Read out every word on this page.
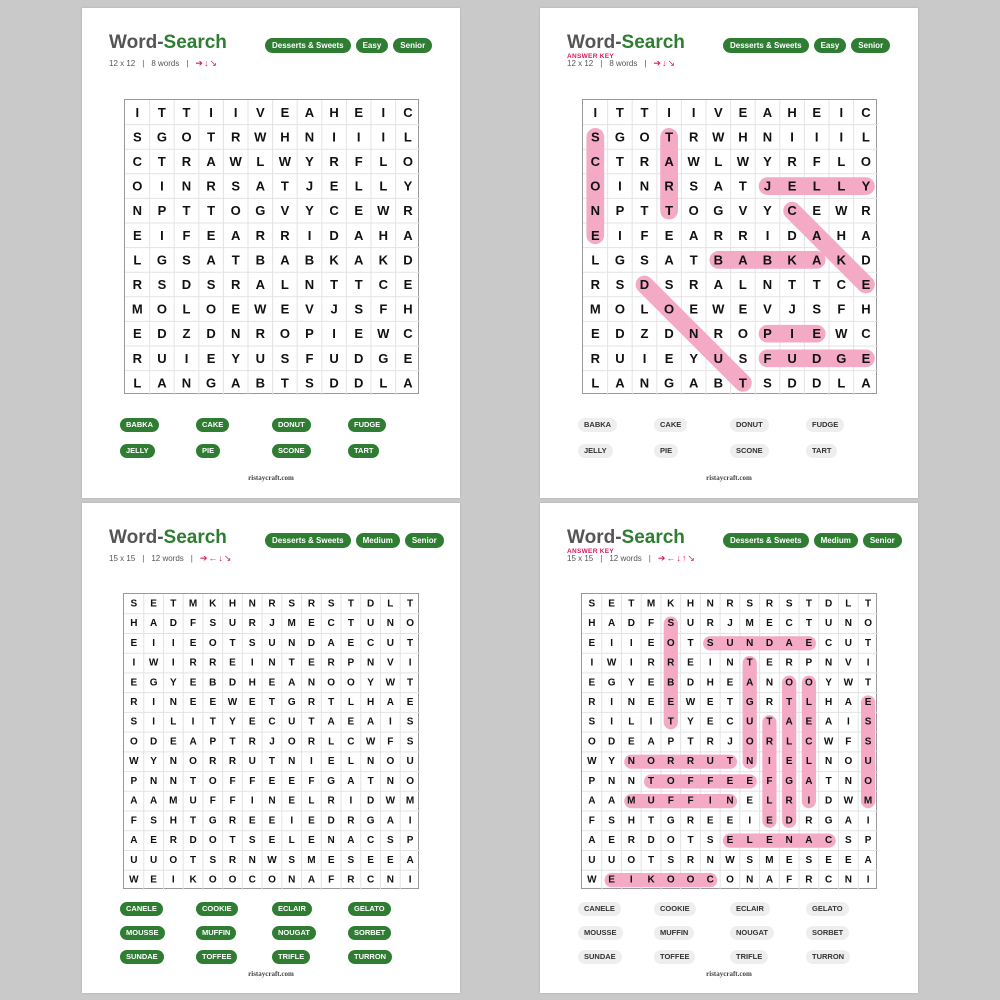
Word-Search	Desserts & Sweets	Easy	Senior
12 x 12 | 8 words | ➔↓↘
I T T I I V E A H E I C
S G O T R W H N I I I L
C T R A W L W Y R F L O
O I N R S A T J E L L Y
N P T T O G V Y C E W R
E I F E A R R I D A H A
L G S A T B A B K A K D
R S D S R A L N T T C E
M O L O E W E V J S F H
E D Z D N R O P I E W C
R U I E Y U S F U D G E
L A N G A B T S D D L A
BABKA	CAKE	DONUT	FUDGE
JELLY	PIE	SCONE	TART
ristaycraft.com
Word-Search	Desserts & Sweets	Easy	Senior
ANSWER KEY
12 x 12 | 8 words | ➔↓↘
I T T I I V E A H E I C
S G O T R W H N I I I L
C T R A W L W Y R F L O
O I N R S A T J E L L Y
N P T T O G V Y C E W R
E I F E A R R I D A H A
L G S A T B A B K A K D
R S D S R A L N T T C E
M O L O E W E V J S F H
E D Z D N R O P I E W C
R U I E Y U S F U D G E
L A N G A B T S D D L A
BABKA	CAKE	DONUT	FUDGE
JELLY	PIE	SCONE	TART
ristaycraft.com
Word-Search	Desserts & Sweets	Medium	Senior
15 x 15 | 12 words | ➔←↓↘
S E T M K H N R S R S T D L T
H A D F S U R J M E C T U N O
E I I E O T S U N D A E C U T
I W I R R E I N T E R P N V I
E G Y E B D H E A N O O Y W T
R I N E E W E T G R T L H A E
S I L I T Y E C U T A E A I S
O D E A P T R J O R L C W F S
W Y N O R R U T N I E L N O U
P N N T O F F E E F G A T N O
A A M U F F I N E L R I D W M
F S H T G R E E I E D R G A I
A E R D O T S E L E N A C S P
U U O T S R N W S M E S E E A
W E I K O O C O N A F R C N I
CANELE	COOKIE	ECLAIR	GELATO
MOUSSE	MUFFIN	NOUGAT	SORBET
SUNDAE	TOFFEE	TRIFLE	TURRON
ristaycraft.com
Word-Search	Desserts & Sweets	Medium	Senior
ANSWER KEY
15 x 15 | 12 words | ➔←↓↑↘
S E T M K H N R S R S T D L T
H A D F S U R J M E C T U N O
E I I E O T S U N D A E C U T
I W I R R E I N T E R P N V I
E G Y E B D H E A N O O Y W T
R I N E E W E T G R T L H A E
S I L I T Y E C U T A E A I S
O D E A P T R J O R L C W F S
W Y N O R R U T N I E L N O U
P N N T O F F E E F G A T N O
A A M U F F I N E L R I D W M
F S H T G R E E I E D R G A I
A E R D O T S E L E N A C S P
U U O T S R N W S M E S E E A
W E I K O O C O N A F R C N I
CANELE	COOKIE	ECLAIR	GELATO
MOUSSE	MUFFIN	NOUGAT	SORBET
SUNDAE	TOFFEE	TRIFLE	TURRON
ristaycraft.com
